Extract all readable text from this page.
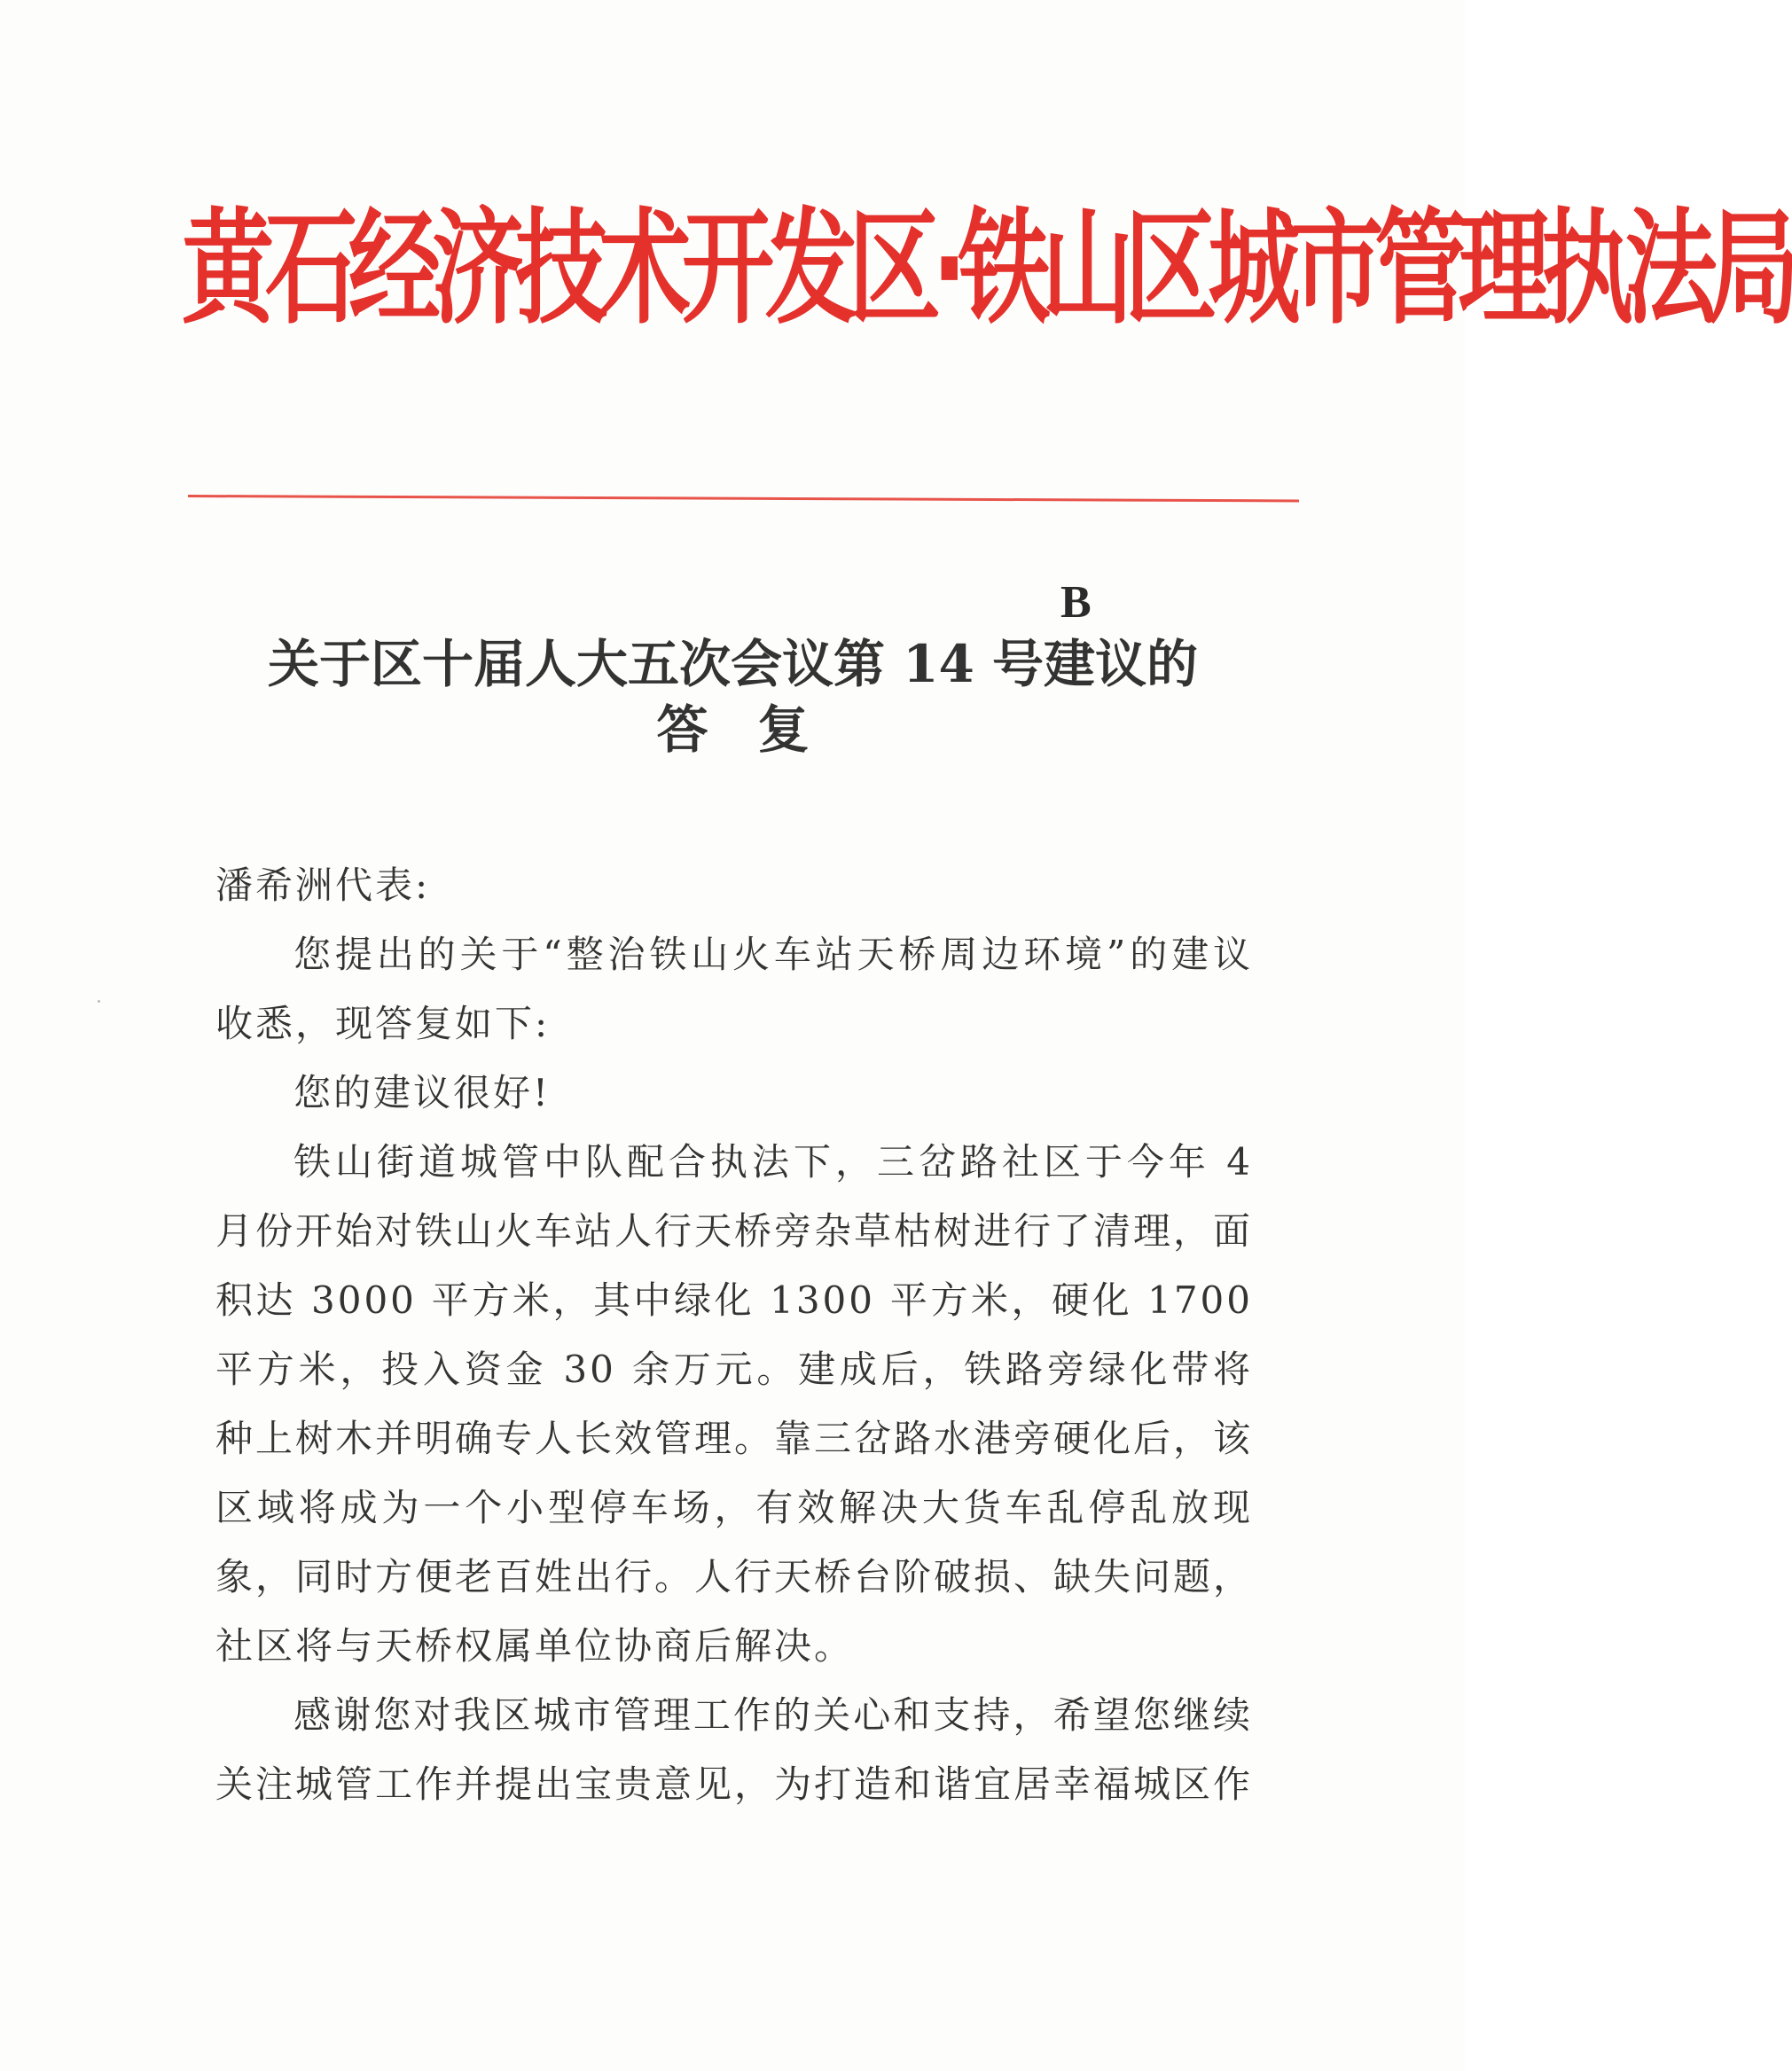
黄石经济技术开发区·铁山区城市管理执法局
B
关于区十届人大五次会议第 14 号建议的

答复

潘希洲代表:

您提出的关于“整治铁山火车站天桥周边环境”的建议收悉，现答复如下:

您的建议很好!

铁山街道城管中队配合执法下，三岔路社区于今年 4 月份开始对铁山火车站人行天桥旁杂草枯树进行了清理，面积达 3000 平方米，其中绿化 1300 平方米，硬化 1700 平方米，投入资金 30 余万元。建成后，铁路旁绿化带将种上树木并明确专人长效管理。靠三岔路水港旁硬化后，该区域将成为一个小型停车场，有效解决大货车乱停乱放现象，同时方便老百姓出行。人行天桥台阶破损、缺失问题，社区将与天桥权属单位协商后解决。

感谢您对我区城市管理工作的关心和支持，希望您继续关注城管工作并提出宝贵意见，为打造和谐宜居幸福城区作
